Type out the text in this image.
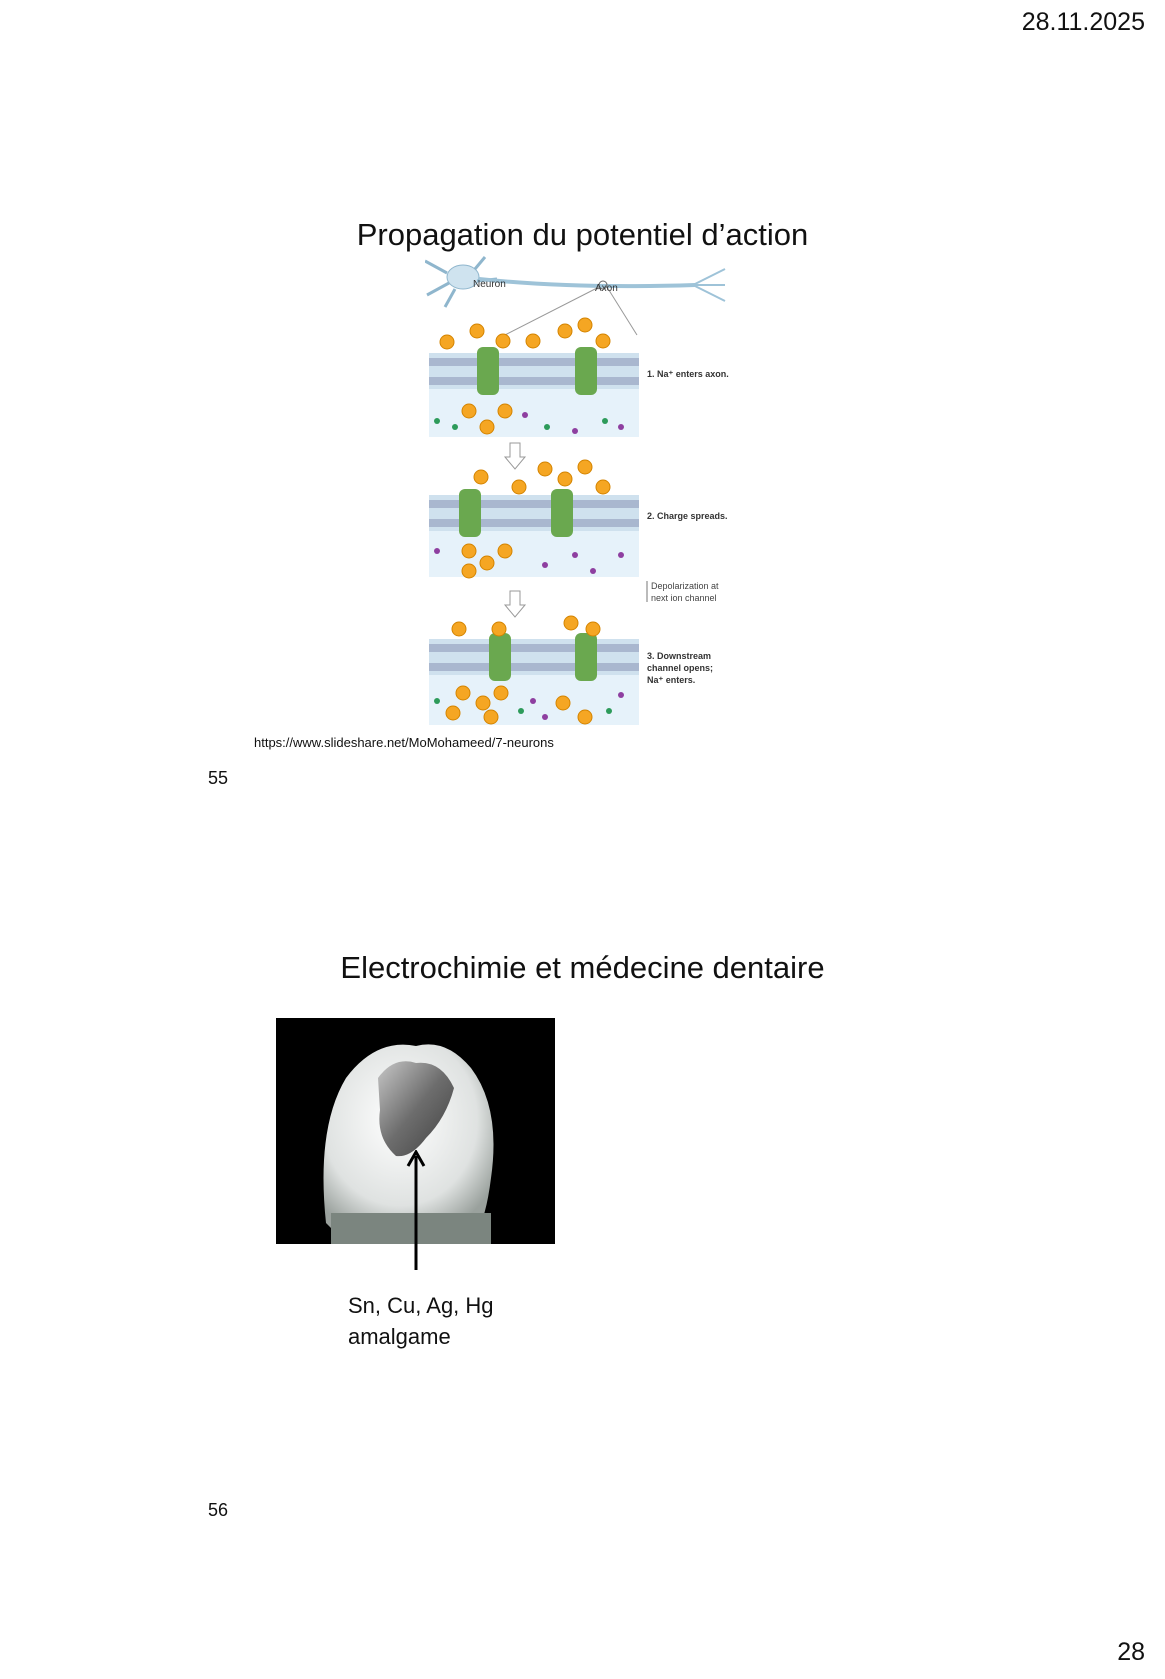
28.11.2025
Propagation du potentiel d’action
Neuron	Axon
1. Na⁺ enters axon.
2. Charge spreads.
Depolarization at
next ion channel
3. Downstream
channel opens;
Na⁺ enters.
https://www.slideshare.net/MoMohameed/7-neurons
55
Electrochimie et médecine dentaire
Sn, Cu, Ag, Hg
amalgame
56
28
